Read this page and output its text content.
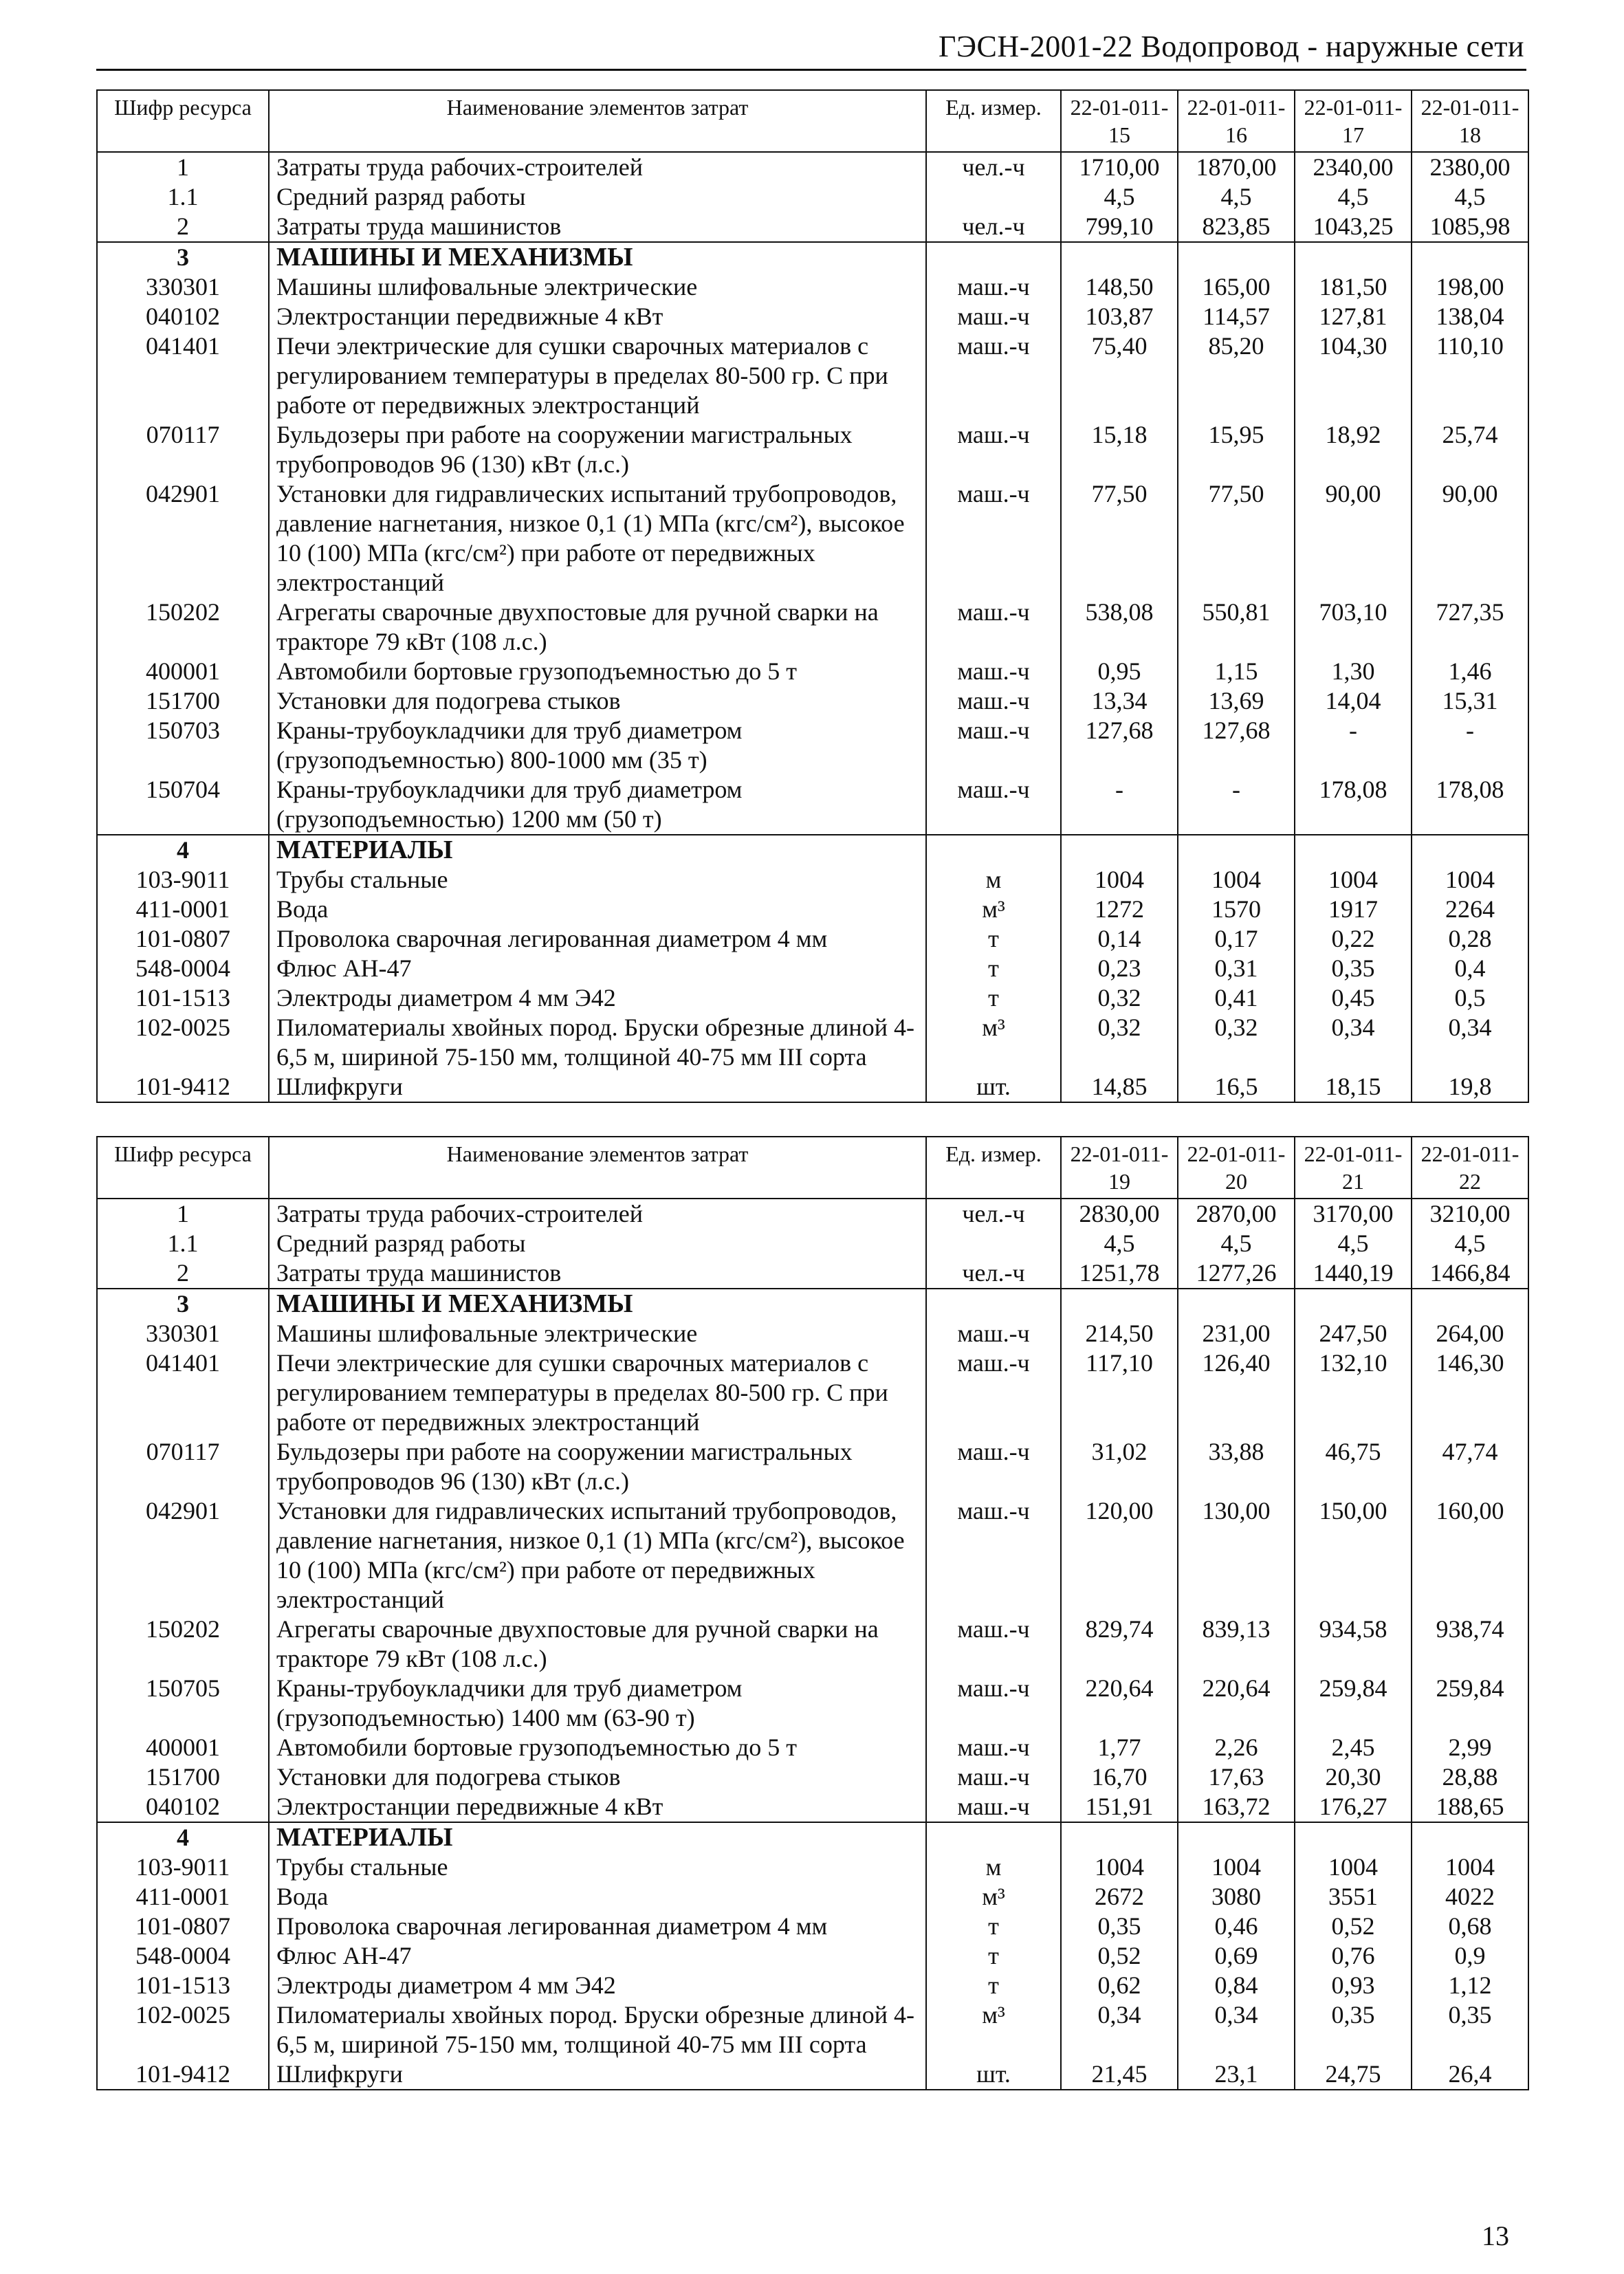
ГЭСН-2001-22 Водопровод - наружные сети
Шифр ресурса	Наименование элементов затрат	Ед. измер.	22-01-011-15	22-01-011-16	22-01-011-17	22-01-011-18
1	Затраты труда рабочих-строителей	чел.-ч	1710,00	1870,00	2340,00	2380,00
1.1	Средний разряд работы		4,5	4,5	4,5	4,5
2	Затраты труда машинистов	чел.-ч	799,10	823,85	1043,25	1085,98
3	МАШИНЫ И МЕХАНИЗМЫ					
330301	Машины шлифовальные электрические	маш.-ч	148,50	165,00	181,50	198,00
040102	Электростанции передвижные 4 кВт	маш.-ч	103,87	114,57	127,81	138,04
041401	Печи электрические для сушки сварочных материалов с регулированием температуры в пределах 80-500 гр. С при работе от передвижных электростанций	маш.-ч	75,40	85,20	104,30	110,10
070117	Бульдозеры при работе на сооружении магистральных трубопроводов 96 (130) кВт (л.с.)	маш.-ч	15,18	15,95	18,92	25,74
042901	Установки для гидравлических испытаний трубопроводов, давление нагнетания, низкое 0,1 (1) МПа (кгс/см²), высокое 10 (100) МПа (кгс/см²) при работе от передвижных электростанций	маш.-ч	77,50	77,50	90,00	90,00
150202	Агрегаты сварочные двухпостовые для ручной сварки на тракторе 79 кВт (108 л.с.)	маш.-ч	538,08	550,81	703,10	727,35
400001	Автомобили бортовые грузоподъемностью до 5 т	маш.-ч	0,95	1,15	1,30	1,46
151700	Установки для подогрева стыков	маш.-ч	13,34	13,69	14,04	15,31
150703	Краны-трубоукладчики для труб диаметром (грузоподъемностью) 800-1000 мм (35 т)	маш.-ч	127,68	127,68	-	-
150704	Краны-трубоукладчики для труб диаметром (грузоподъемностью) 1200 мм (50 т)	маш.-ч	-	-	178,08	178,08
4	МАТЕРИАЛЫ					
103-9011	Трубы стальные	м	1004	1004	1004	1004
411-0001	Вода	м³	1272	1570	1917	2264
101-0807	Проволока сварочная легированная диаметром 4 мм	т	0,14	0,17	0,22	0,28
548-0004	Флюс АН-47	т	0,23	0,31	0,35	0,4
101-1513	Электроды диаметром 4 мм Э42	т	0,32	0,41	0,45	0,5
102-0025	Пиломатериалы хвойных пород. Бруски обрезные длиной 4-6,5 м, шириной 75-150 мм, толщиной 40-75 мм III сорта	м³	0,32	0,32	0,34	0,34
101-9412	Шлифкруги	шт.	14,85	16,5	18,15	19,8
Шифр ресурса	Наименование элементов затрат	Ед. измер.	22-01-011-19	22-01-011-20	22-01-011-21	22-01-011-22
1	Затраты труда рабочих-строителей	чел.-ч	2830,00	2870,00	3170,00	3210,00
1.1	Средний разряд работы		4,5	4,5	4,5	4,5
2	Затраты труда машинистов	чел.-ч	1251,78	1277,26	1440,19	1466,84
3	МАШИНЫ И МЕХАНИЗМЫ					
330301	Машины шлифовальные электрические	маш.-ч	214,50	231,00	247,50	264,00
041401	Печи электрические для сушки сварочных материалов с регулированием температуры в пределах 80-500 гр. С при работе от передвижных электростанций	маш.-ч	117,10	126,40	132,10	146,30
070117	Бульдозеры при работе на сооружении магистральных трубопроводов 96 (130) кВт (л.с.)	маш.-ч	31,02	33,88	46,75	47,74
042901	Установки для гидравлических испытаний трубопроводов, давление нагнетания, низкое 0,1 (1) МПа (кгс/см²), высокое 10 (100) МПа (кгс/см²) при работе от передвижных электростанций	маш.-ч	120,00	130,00	150,00	160,00
150202	Агрегаты сварочные двухпостовые для ручной сварки на тракторе 79 кВт (108 л.с.)	маш.-ч	829,74	839,13	934,58	938,74
150705	Краны-трубоукладчики для труб диаметром (грузоподъемностью) 1400 мм (63-90 т)	маш.-ч	220,64	220,64	259,84	259,84
400001	Автомобили бортовые грузоподъемностью до 5 т	маш.-ч	1,77	2,26	2,45	2,99
151700	Установки для подогрева стыков	маш.-ч	16,70	17,63	20,30	28,88
040102	Электростанции передвижные 4 кВт	маш.-ч	151,91	163,72	176,27	188,65
4	МАТЕРИАЛЫ					
103-9011	Трубы стальные	м	1004	1004	1004	1004
411-0001	Вода	м³	2672	3080	3551	4022
101-0807	Проволока сварочная легированная диаметром 4 мм	т	0,35	0,46	0,52	0,68
548-0004	Флюс АН-47	т	0,52	0,69	0,76	0,9
101-1513	Электроды диаметром 4 мм Э42	т	0,62	0,84	0,93	1,12
102-0025	Пиломатериалы хвойных пород. Бруски обрезные длиной 4-6,5 м, шириной 75-150 мм, толщиной 40-75 мм III сорта	м³	0,34	0,34	0,35	0,35
101-9412	Шлифкруги	шт.	21,45	23,1	24,75	26,4
13
